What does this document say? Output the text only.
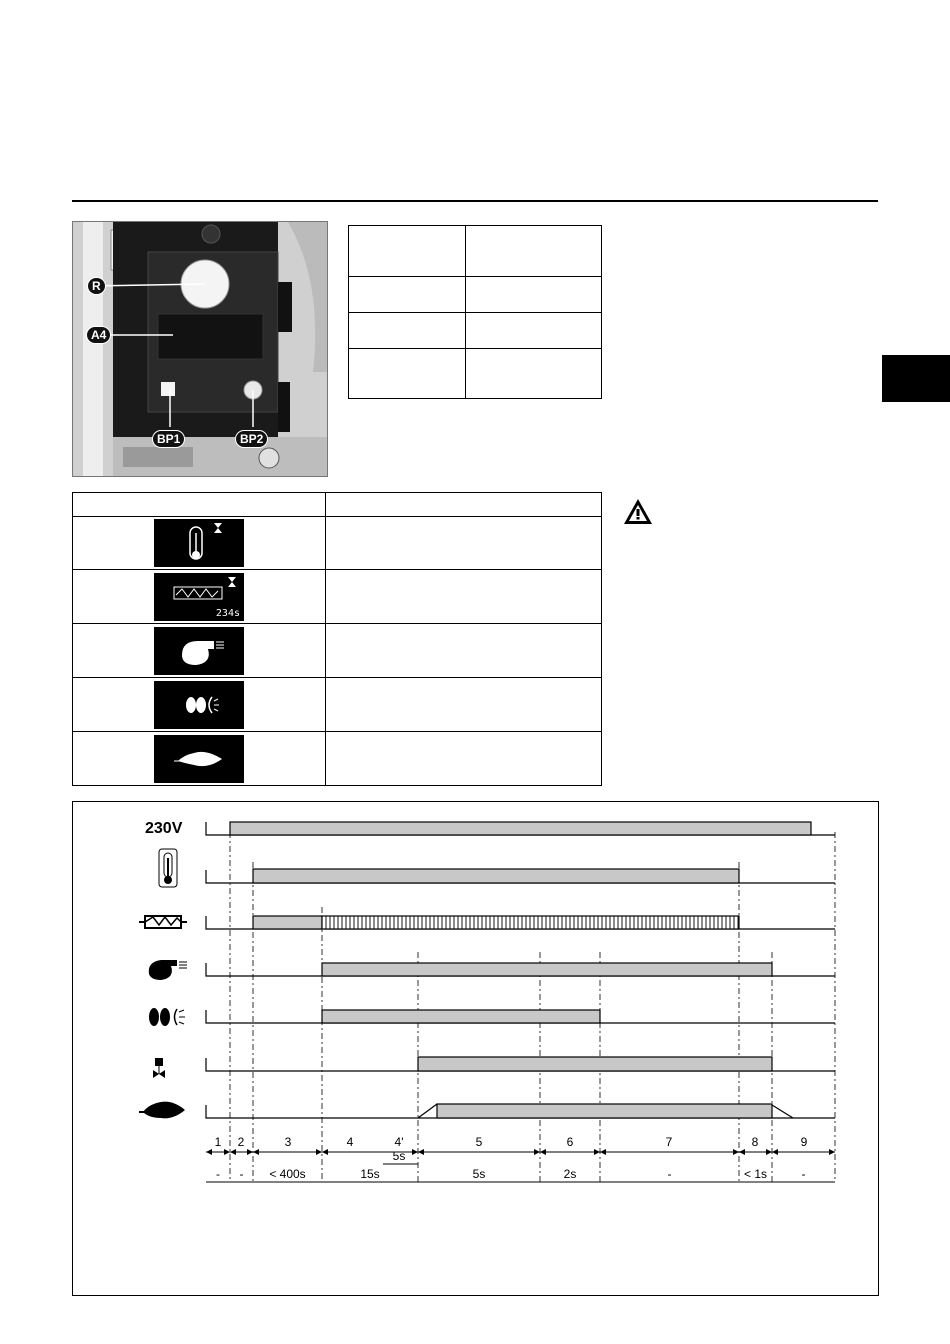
R
A4
BP1	BP2

234s	

230V
1	2	3	4	4'	5	6	7	8	9
5s
-	-	< 400s	15s	5s	2s	-	< 1s	-
